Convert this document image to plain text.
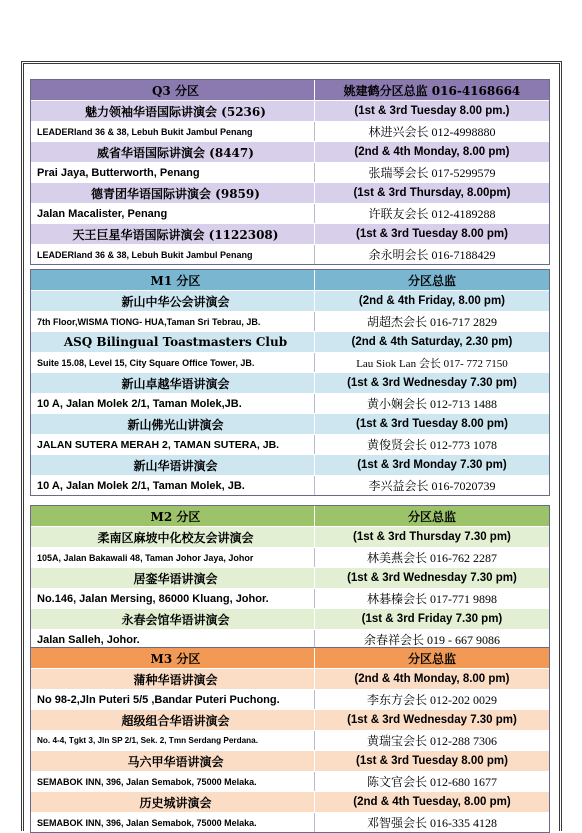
Q3 分区	姚建鹤分区总监 016-4168664
魅力领袖华语国际讲演会 (5236)	(1st & 3rd Tuesday 8.00 pm.)
LEADERland 36 & 38, Lebuh Bukit Jambul Penang	林进兴会长 012-4998880
威省华语国际讲演会 (8447)	(2nd & 4th Monday, 8.00 pm)
Prai Jaya, Butterworth, Penang	张瑞琴会长 017-5299579
德青团华语国际讲演会 (9859)	(1st & 3rd Thursday, 8.00pm)
Jalan Macalister, Penang	许联友会长 012-4189288
天王巨星华语国际讲演会 (1122308)	(1st & 3rd Tuesday 8.00 pm)
LEADERland 36 & 38, Lebuh Bukit Jambul Penang	余永明会长 016-7188429
M1 分区	分区总监
新山中华公会讲演会	(2nd & 4th Friday, 8.00 pm)
7th Floor,WISMA TIONG- HUA,Taman Sri Tebrau, JB.	胡超杰会长 016-717 2829
ASQ Bilingual Toastmasters Club	(2nd & 4th Saturday, 2.30 pm)
Suite 15.08, Level 15, City Square Office Tower, JB.	Lau Siok Lan 会长 017- 772 7150
新山卓越华语讲演会	(1st & 3rd Wednesday 7.30 pm)
10 A, Jalan Molek 2/1, Taman Molek,JB.	黄小娴会长 012-713 1488
新山佛光山讲演会	(1st & 3rd Tuesday 8.00 pm)
JALAN SUTERA MERAH 2, TAMAN SUTERA, JB.	黄俊贤会长 012-773 1078
新山华语讲演会	(1st & 3rd Monday 7.30 pm)
10 A, Jalan Molek 2/1, Taman Molek, JB.	李兴益会长 016-7020739
M2 分区	分区总监
柔南区麻坡中化校友会讲演会	(1st & 3rd Thursday 7.30 pm)
105A, Jalan Bakawali 48, Taman Johor Jaya, Johor	林美燕会长 016-762 2287
居銮华语讲演会	(1st & 3rd Wednesday 7.30 pm)
No.146, Jalan Mersing, 86000 Kluang, Johor.	林碁榛会长 017-771 9898
永春会馆华语讲演会	(1st & 3rd Friday 7.30 pm)
Jalan Salleh, Johor.	余春祥会长 019 - 667 9086
M3 分区	分区总监
蒲种华语讲演会	(2nd & 4th Monday, 8.00 pm)
No 98-2,Jln Puteri 5/5 ,Bandar Puteri Puchong.	李东方会长 012-202 0029
超级组合华语讲演会	(1st & 3rd Wednesday 7.30 pm)
No. 4-4, Tgkt 3, Jln SP 2/1, Sek. 2, Tmn Serdang Perdana.	黄瑞宝会长 012-288 7306
马六甲华语讲演会	(1st & 3rd Tuesday 8.00 pm)
SEMABOK INN, 396, Jalan Semabok, 75000 Melaka.	陈文官会长 012-680 1677
历史城讲演会	(2nd & 4th Tuesday, 8.00 pm)
SEMABOK INN, 396, Jalan Semabok, 75000 Melaka.	邓智强会长 016-335 4128
